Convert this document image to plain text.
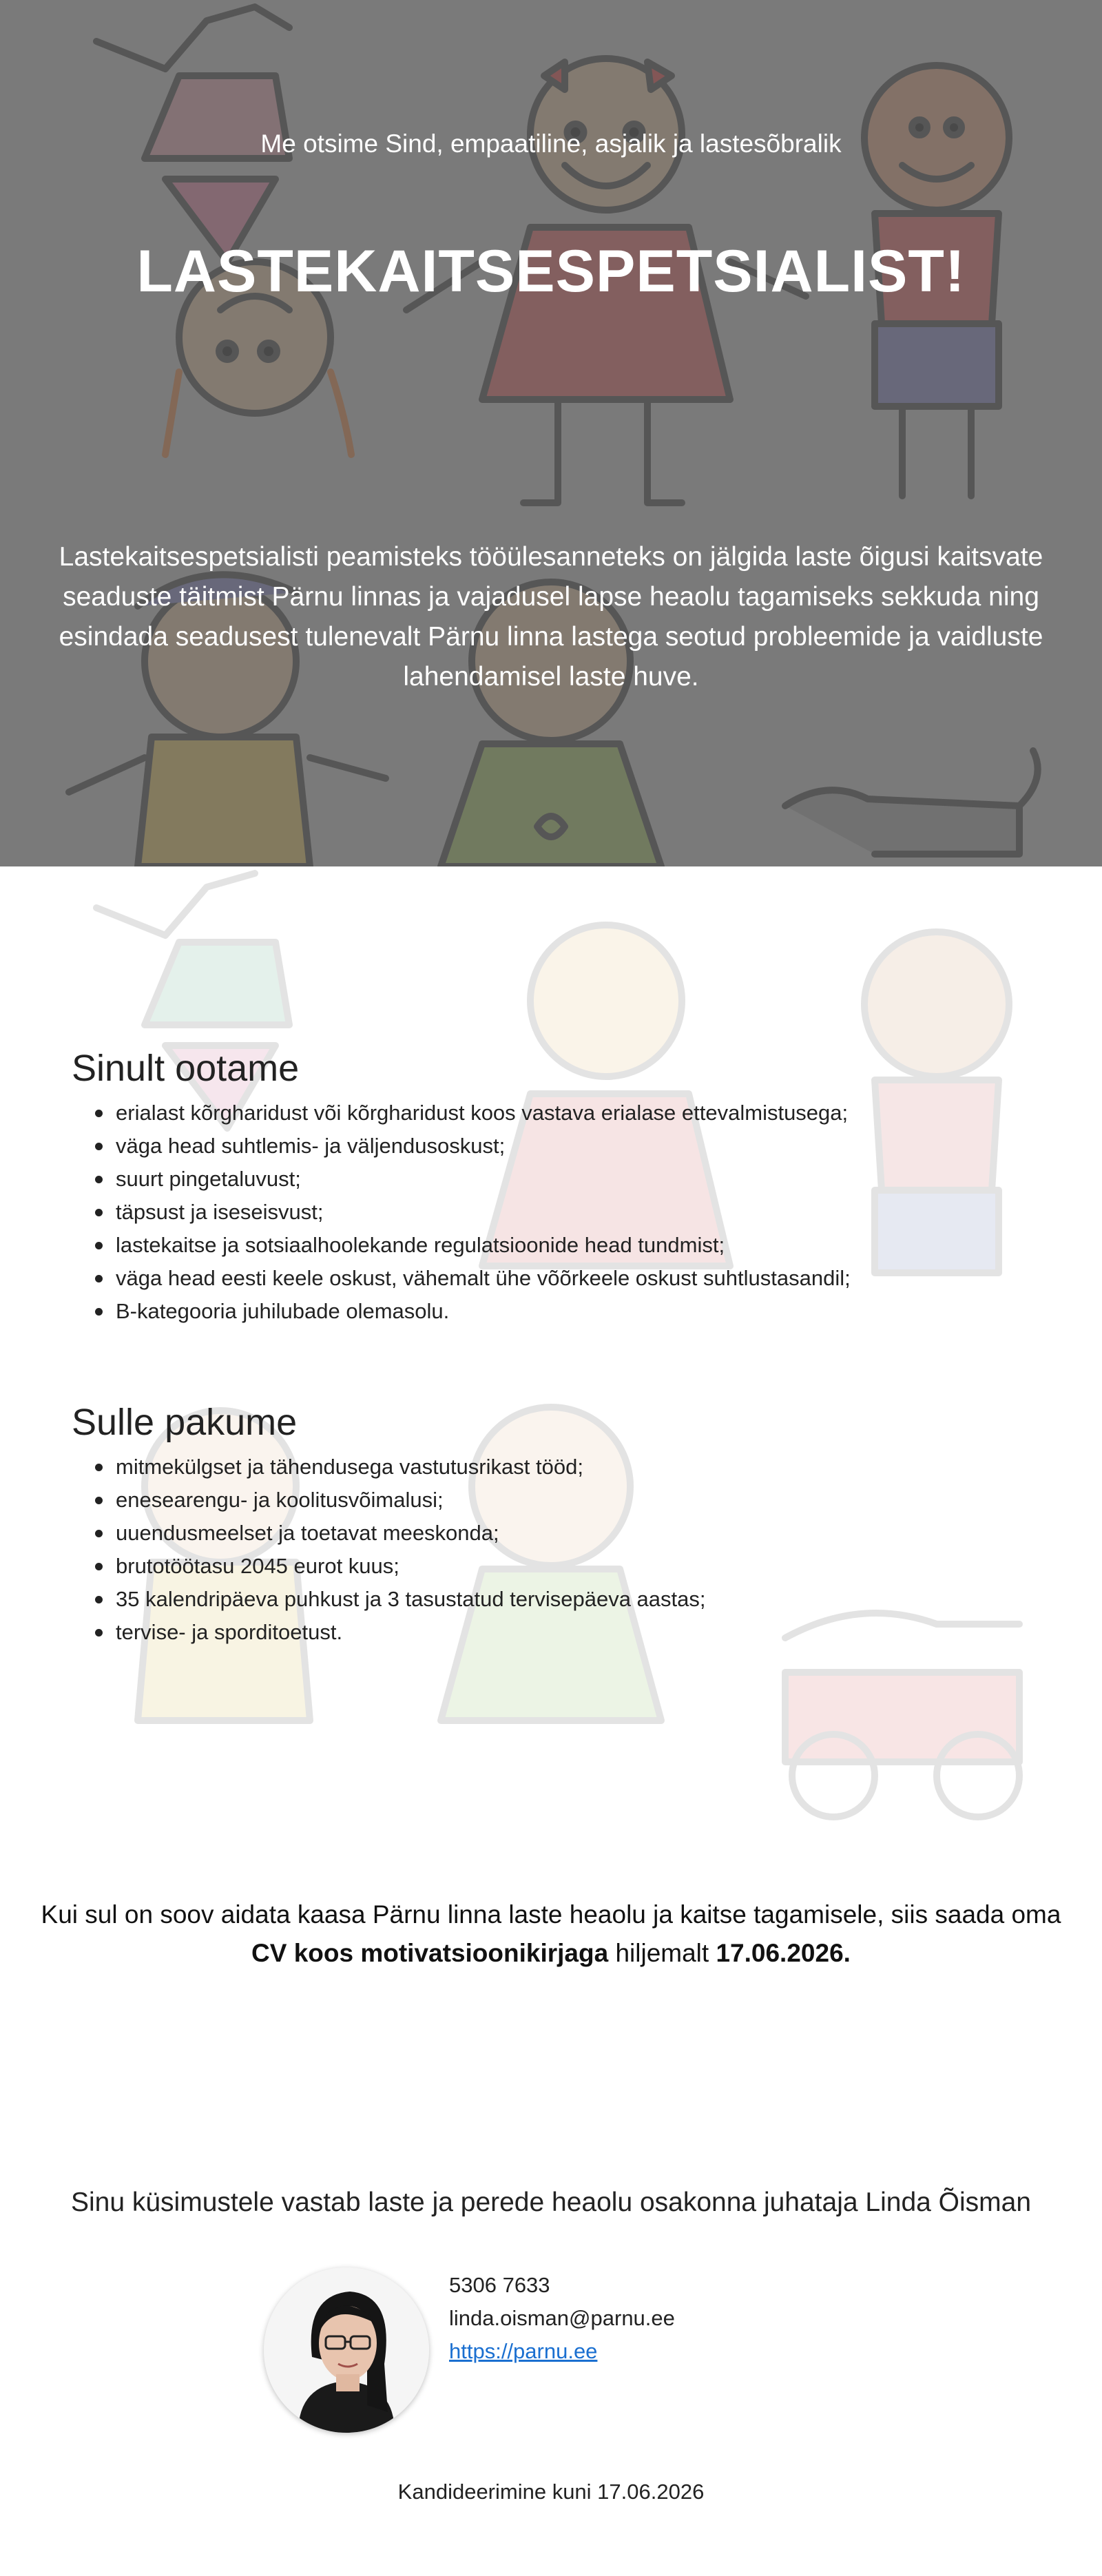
Me otsime Sind, empaatiline, asjalik ja lastesõbralik
LASTEKAITSESPETSIALIST!

Lastekaitsespetsialisti peamisteks tööülesanneteks on jälgida laste õigusi kaitsvate seaduste täitmist Pärnu linnas ja vajadusel lapse heaolu tagamiseks sekkuda ning esindada seadusest tulenevalt Pärnu linna lastega seotud probleemide ja vaidluste lahendamisel laste huve.

Sinult ootame
erialast kõrgharidust või kõrgharidust koos vastava erialase ettevalmistusega;
väga head suhtlemis- ja väljendusoskust;
suurt pingetaluvust;
täpsust ja iseseisvust;
lastekaitse ja sotsiaalhoolekande regulatsioonide head tundmist;
väga head eesti keele oskust, vähemalt ühe võõrkeele oskust suhtlustasandil;
B-kategooria juhilubade olemasolu.
Sulle pakume
mitmekülgset ja tähendusega vastutusrikast tööd;
enesearengu- ja koolitusvõimalusi;
uuendusmeelset ja toetavat meeskonda;
brutotöötasu 2045 eurot kuus;
35 kalendripäeva puhkust ja 3 tasustatud tervisepäeva aastas;
tervise- ja sporditoetust.

Kui sul on soov aidata kaasa Pärnu linna laste heaolu ja kaitse tagamisele, siis saada oma CV koos motivatsioonikirjaga hiljemalt 17.06.2026.

Sinu küsimustele vastab laste ja perede heaolu osakonna juhataja Linda Õisman
5306 7633
linda.oisman@parnu.ee
https://parnu.ee
Kandideerimine kuni 17.06.2026
